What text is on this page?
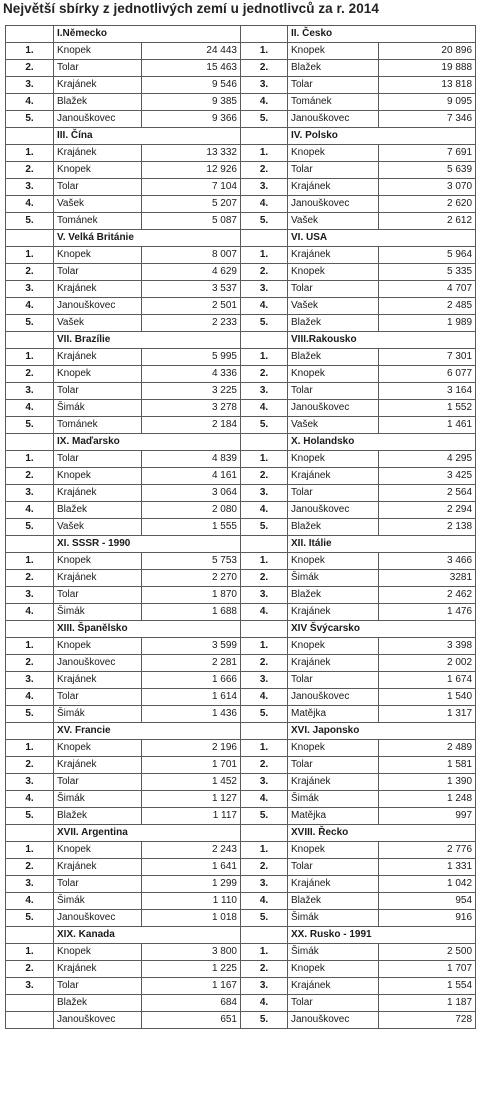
Největší sbírky z jednotlivých zemí u jednotlivců za r. 2014
	I.Německo			II. Česko	
1.	Knopek	24 443	1.	Knopek	20 896
2.	Tolar	15 463	2.	Blažek	19 888
3.	Krajánek	9 546	3.	Tolar	13 818
4.	Blažek	9 385	4.	Tománek	9 095
5.	Janouškovec	9 366	5.	Janouškovec	7 346
	III. Čína			IV. Polsko	
1.	Krajánek	13 332	1.	Knopek	7 691
2.	Knopek	12 926	2.	Tolar	5 639
3.	Tolar	7 104	3.	Krajánek	3 070
4.	Vašek	5 207	4.	Janouškovec	2 620
5.	Tománek	5 087	5.	Vašek	2 612
	V. Velká Británie			VI. USA	
1.	Knopek	8 007	1.	Krajánek	5 964
2.	Tolar	4 629	2.	Knopek	5 335
3.	Krajánek	3 537	3.	Tolar	4 707
4.	Janouškovec	2 501	4.	Vašek	2 485
5.	Vašek	2 233	5.	Blažek	1 989
	VII. Brazílie			VIII.Rakousko	
1.	Krajánek	5 995	1.	Blažek	7 301
2.	Knopek	4 336	2.	Knopek	6 077
3.	Tolar	3 225	3.	Tolar	3 164
4.	Šimák	3 278	4.	Janouškovec	1 552
5.	Tománek	2 184	5.	Vašek	1 461
	IX. Maďarsko			X. Holandsko	
1.	Tolar	4 839	1.	Knopek	4 295
2.	Knopek	4 161	2.	Krajánek	3 425
3.	Krajánek	3 064	3.	Tolar	2 564
4.	Blažek	2 080	4.	Janouškovec	2 294
5.	Vašek	1 555	5.	Blažek	2 138
	XI. SSSR - 1990			XII. Itálie	
1.	Knopek	5 753	1.	Knopek	3 466
2.	Krajánek	2 270	2.	Šimák	3281
3.	Tolar	1 870	3.	Blažek	2 462
4.	Šimák	1 688	4.	Krajánek	1 476
	XIII. Španělsko			XIV Švýcarsko	
1.	Knopek	3 599	1.	Knopek	3 398
2.	Janouškovec	2 281	2.	Krajánek	2 002
3.	Krajánek	1 666	3.	Tolar	1 674
4.	Tolar	1 614	4.	Janouškovec	1 540
5.	Šimák	1 436	5.	Matějka	1 317
	XV. Francie			XVI. Japonsko	
1.	Knopek	2 196	1.	Knopek	2 489
2.	Krajánek	1 701	2.	Tolar	1 581
3.	Tolar	1 452	3.	Krajánek	1 390
4.	Šimák	1 127	4.	Šimák	1 248
5.	Blažek	1 117	5.	Matějka	997
	XVII. Argentina			XVIII. Řecko	
1.	Knopek	2 243	1.	Knopek	2 776
2.	Krajánek	1 641	2.	Tolar	1 331
3.	Tolar	1 299	3.	Krajánek	1 042
4.	Šimák	1 110	4.	Blažek	954
5.	Janouškovec	1 018	5.	Šimák	916
	XIX. Kanada			XX. Rusko - 1991	
1.	Knopek	3 800	1.	Šimák	2 500
2.	Krajánek	1 225	2.	Knopek	1 707
3.	Tolar	1 167	3.	Krajánek	1 554
	Blažek	684	4.	Tolar	1 187
	Janouškovec	651	5.	Janouškovec	728
